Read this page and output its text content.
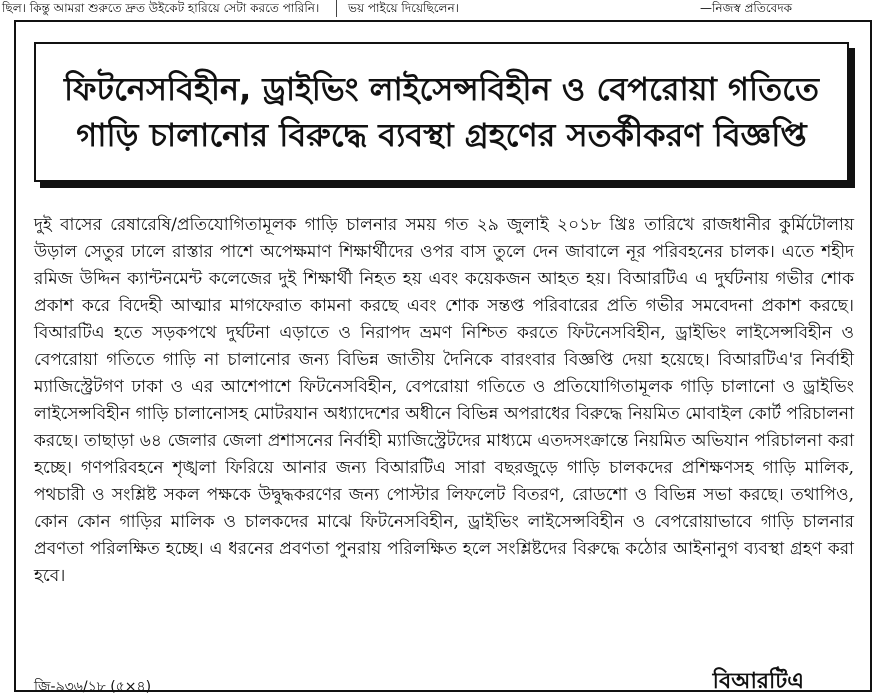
ছিল। কিন্তু আমরা শুরুতে দ্রুত উইকেট হারিয়ে সেটা করতে পারিনি। ভয় পাইয়ে দিয়েছিলেন।	—নিজস্ব প্রতিবেদক
ফিটনেসবিহীন, ড্রাইভিং লাইসেন্সবিহীন ও বেপরোয়া গতিতে
গাড়ি চালানোর বিরুদ্ধে ব্যবস্থা গ্রহণের সতর্কীকরণ বিজ্ঞপ্তি

দুই বাসের রেষারেষি/প্রতিযোগিতামূলক গাড়ি চালনার সময় গত ২৯ জুলাই ২০১৮ খ্রিঃ তারিখে রাজধানীর কুর্মিটোলায় উড়াল সেতুর ঢালে রাস্তার পাশে অপেক্ষমাণ শিক্ষার্থীদের ওপর বাস তুলে দেন জাবালে নূর পরিবহনের চালক। এতে শহীদ রমিজ উদ্দিন ক্যান্টনমেন্ট কলেজের দুই শিক্ষার্থী নিহত হয় এবং কয়েকজন আহত হয়। বিআরটিএ এ দুর্ঘটনায় গভীর শোক প্রকাশ করে বিদেহী আত্মার মাগফেরাত কামনা করছে এবং শোক সন্তপ্ত পরিবারের প্রতি গভীর সমবেদনা প্রকাশ করছে। বিআরটিএ হতে সড়কপথে দুর্ঘটনা এড়াতে ও নিরাপদ ভ্রমণ নিশ্চিত করতে ফিটনেসবিহীন, ড্রাইভিং লাইসেন্সবিহীন ও বেপরোয়া গতিতে গাড়ি না চালানোর জন্য বিভিন্ন জাতীয় দৈনিকে বারংবার বিজ্ঞপ্তি দেয়া হয়েছে। বিআরটিএ'র নির্বাহী ম্যাজিস্ট্রেটগণ ঢাকা ও এর আশেপাশে ফিটনেসবিহীন, বেপরোয়া গতিতে ও প্রতিযোগিতামূলক গাড়ি চালানো ও ড্রাইভিং লাইসেন্সবিহীন গাড়ি চালানোসহ মোটরযান অধ্যাদেশের অধীনে বিভিন্ন অপরাধের বিরুদ্ধে নিয়মিত মোবাইল কোর্ট পরিচালনা করছে। তাছাড়া ৬৪ জেলার জেলা প্রশাসনের নির্বাহী ম্যাজিস্ট্রেটদের মাধ্যমে এতদসংক্রান্তে নিয়মিত অভিযান পরিচালনা করা হচ্ছে। গণপরিবহনে শৃঙ্খলা ফিরিয়ে আনার জন্য বিআরটিএ সারা বছরজুড়ে গাড়ি চালকদের প্রশিক্ষণসহ গাড়ি মালিক, পথচারী ও সংশ্লিষ্ট সকল পক্ষকে উদ্বুদ্ধকরণের জন্য পোস্টার লিফলেট বিতরণ, রোডশো ও বিভিন্ন সভা করছে। তথাপিও, কোন কোন গাড়ির মালিক ও চালকদের মাঝে ফিটনেসবিহীন, ড্রাইভিং লাইসেন্সবিহীন ও বেপরোয়াভাবে গাড়ি চালনার প্রবণতা পরিলক্ষিত হচ্ছে। এ ধরনের প্রবণতা পুনরায় পরিলক্ষিত হলে সংশ্লিষ্টদের বিরুদ্ধে কঠোর আইনানুগ ব্যবস্থা গ্রহণ করা হবে।

জি-৯৩৬/১৮ (৫×৪)	বিআরটিএ
